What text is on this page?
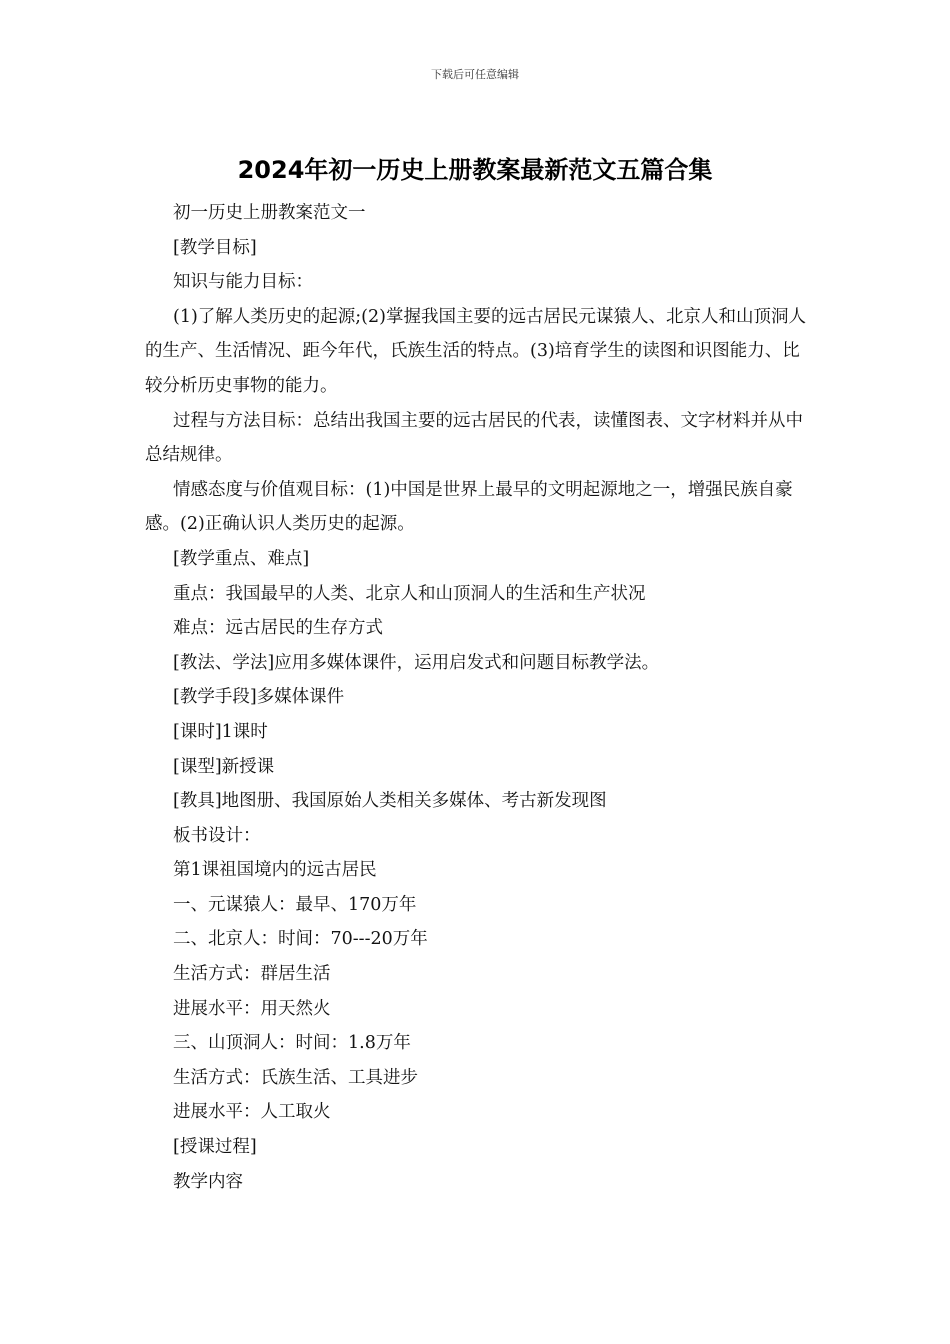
下载后可任意编辑
2024年初一历史上册教案最新范文五篇合集

初一历史上册教案范文一

[教学目标]

知识与能力目标：

(1)了解人类历史的起源;(2)掌握我国主要的远古居民元谋猿人、北京人和山顶洞人的生产、生活情况、距今年代，氏族生活的特点。(3)培育学生的读图和识图能力、比较分析历史事物的能力。

过程与方法目标：总结出我国主要的远古居民的代表，读懂图表、文字材料并从中总结规律。

情感态度与价值观目标：(1)中国是世界上最早的文明起源地之一，增强民族自豪感。(2)正确认识人类历史的起源。

[教学重点、难点]

重点：我国最早的人类、北京人和山顶洞人的生活和生产状况

难点：远古居民的生存方式

[教法、学法]应用多媒体课件，运用启发式和问题目标教学法。

[教学手段]多媒体课件

[课时]1课时

[课型]新授课

[教具]地图册、我国原始人类相关多媒体、考古新发现图

板书设计：

第1课祖国境内的远古居民

一、元谋猿人：最早、170万年

二、北京人：时间：70---20万年

生活方式：群居生活

进展水平：用天然火

三、山顶洞人：时间：1.8万年

生活方式：氏族生活、工具进步

进展水平：人工取火

[授课过程]

教学内容
